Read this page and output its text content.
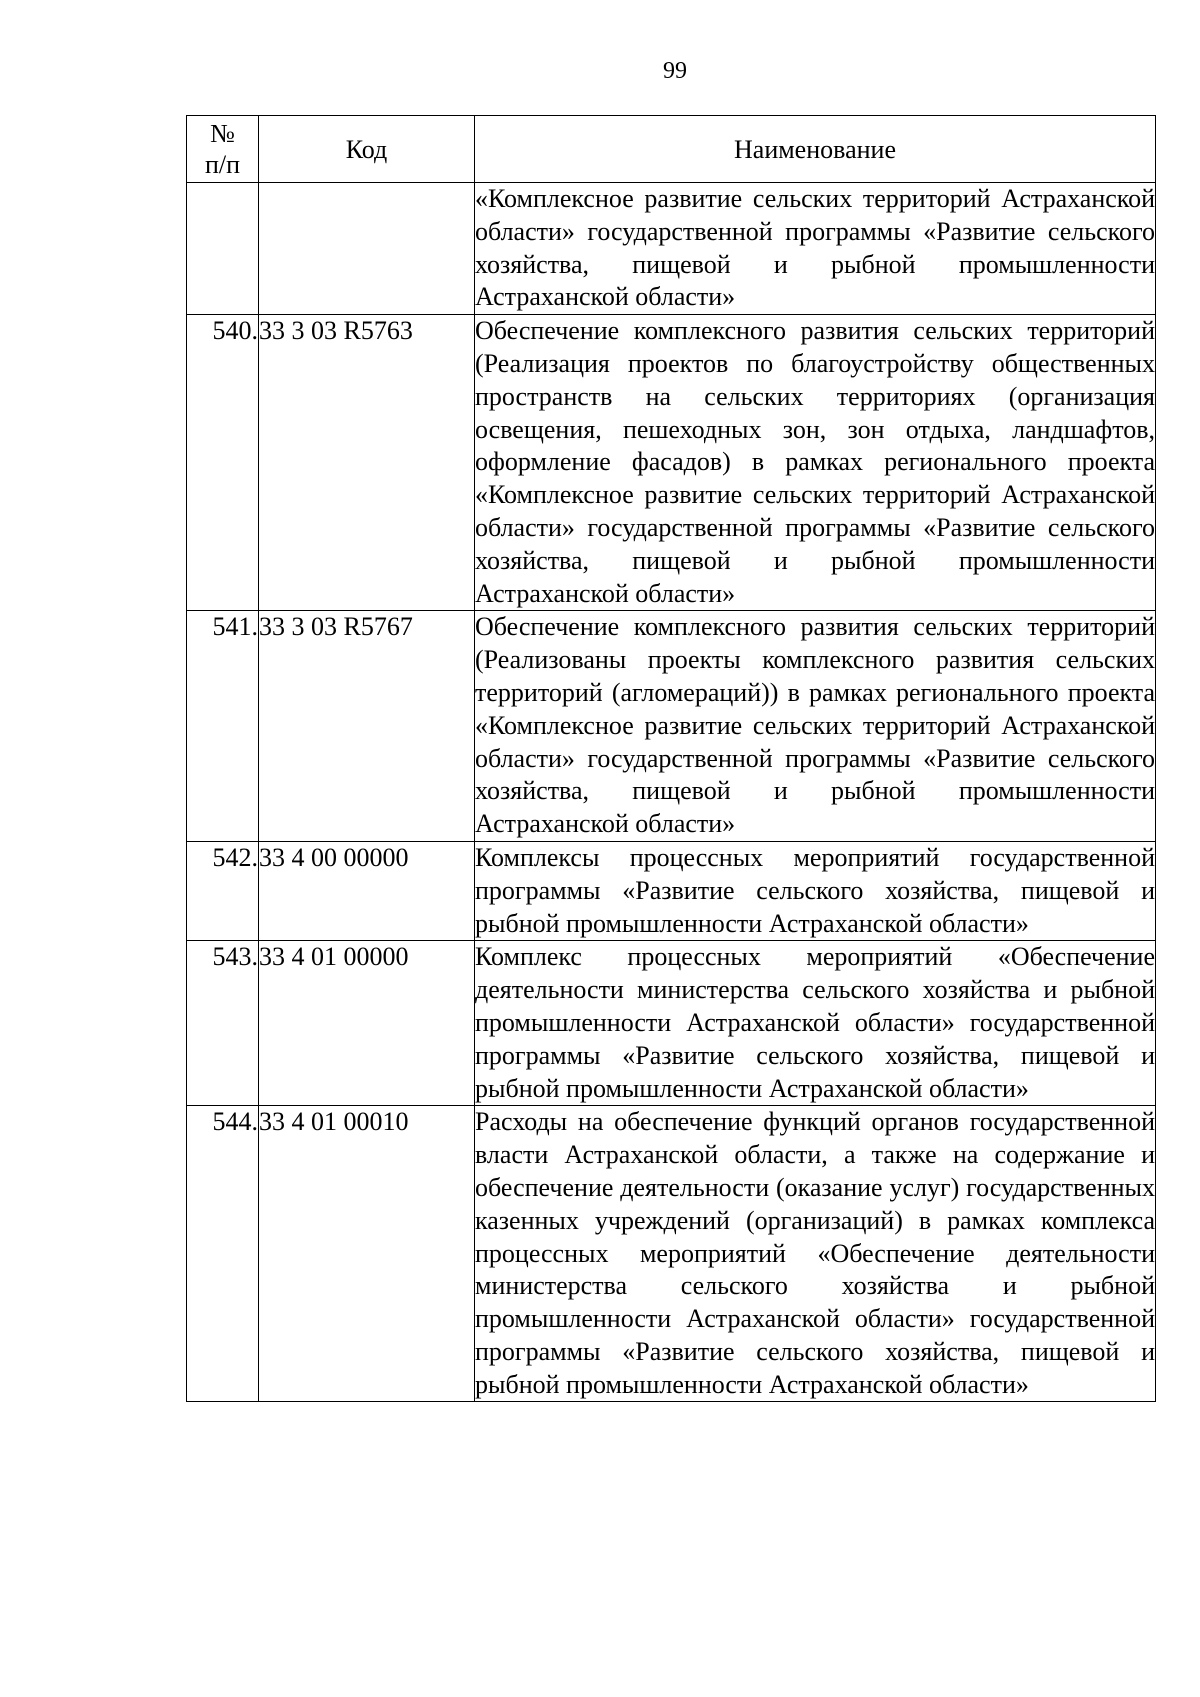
99
№
п/п	Код	Наименование
		«Комплексное развитие сельских территорий Астраханской области» государственной программы «Развитие сельского хозяйства, пищевой и рыбной промышленности Астраханской области»
540.	33 3 03 R5763	Обеспечение комплексного развития сельских территорий (Реализация проектов по благоустройству общественных пространств на сельских территориях (организация освещения, пешеходных зон, зон отдыха, ландшафтов, оформление фасадов) в рамках регионального проекта «Комплексное развитие сельских территорий Астраханской области» государственной программы «Развитие сельского хозяйства, пищевой и рыбной промышленности Астраханской области»
541.	33 3 03 R5767	Обеспечение комплексного развития сельских территорий (Реализованы проекты комплексного развития сельских территорий (агломераций)) в рамках регионального проекта «Комплексное развитие сельских территорий Астраханской области» государственной программы «Развитие сельского хозяйства, пищевой и рыбной промышленности Астраханской области»
542.	33 4 00 00000	Комплексы процессных мероприятий государственной программы «Развитие сельского хозяйства, пищевой и рыбной промышленности Астраханской области»
543.	33 4 01 00000	Комплекс процессных мероприятий «Обеспечение деятельности министерства сельского хозяйства и рыбной промышленности Астраханской области» государственной программы «Развитие сельского хозяйства, пищевой и рыбной промышленности Астраханской области»
544.	33 4 01 00010	Расходы на обеспечение функций органов государственной власти Астраханской области, а также на содержание и обеспечение деятельности (оказание услуг) государственных казенных учреждений (организаций) в рамках комплекса процессных мероприятий «Обеспечение деятельности министерства сельского хозяйства и рыбной промышленности Астраханской области» государственной программы «Развитие сельского хозяйства, пищевой и рыбной промышленности Астраханской области»
